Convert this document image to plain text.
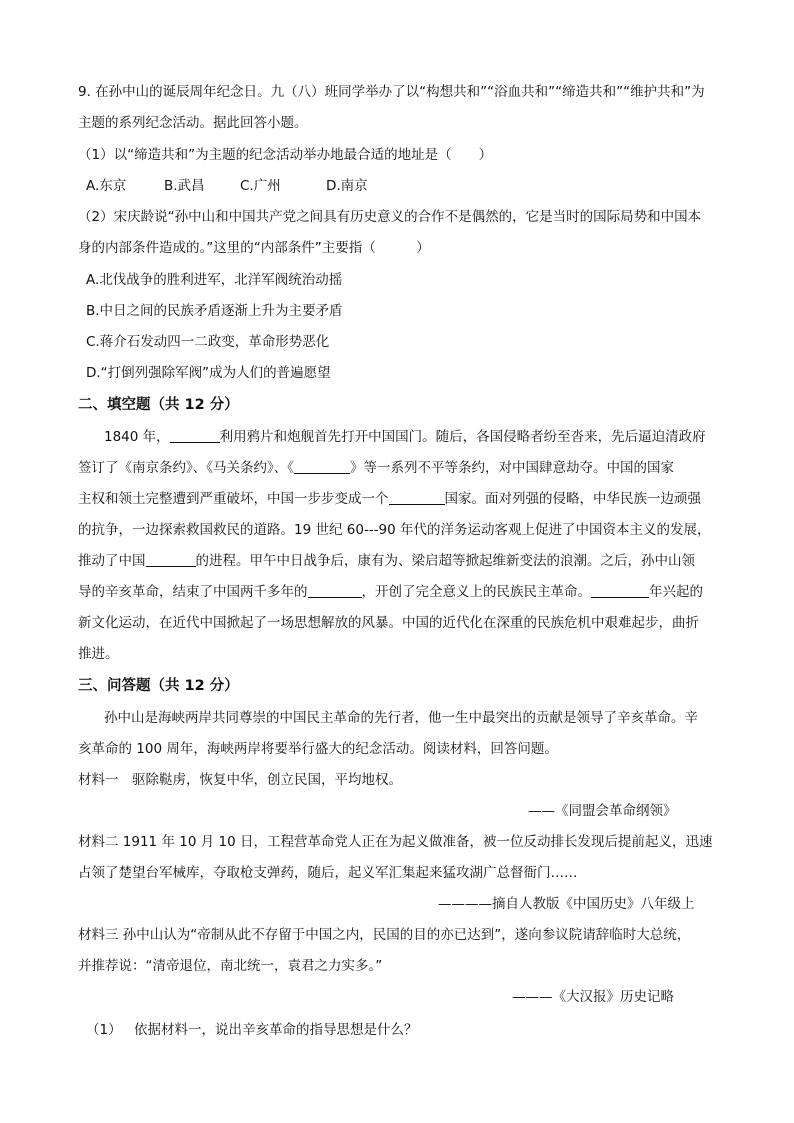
9. 在孙中山的诞辰周年纪念日。九（八）班同学举办了以“构想共和”“浴血共和”“缔造共和”“维护共和”为
主题的系列纪念活动。据此回答小题。
（1）以“缔造共和”为主题的纪念活动举办地最合适的地址是（　　）
A.东京	B.武昌	C.广州	D.南京
（2）宋庆龄说“孙中山和中国共产党之间具有历史意义的合作不是偶然的，它是当时的国际局势和中国本
身的内部条件造成的。”这里的“内部条件”主要指（　　　）
A.北伐战争的胜利进军，北洋军阀统治动摇
B.中日之间的民族矛盾逐渐上升为主要矛盾
C.蒋介石发动四一二政变，革命形势恶化
D.“打倒列强除军阀”成为人们的普遍愿望
二、填空题（共 12 分）
1840 年，	利用鸦片和炮舰首先打开中国国门。随后，各国侵略者纷至沓来，先后逼迫清政府
签订了《南京条约》、《马关条约》、《	》等一系列不平等条约，对中国肆意劫夺。中国的国家
主权和领土完整遭到严重破坏，中国一步步变成一个	国家。面对列强的侵略，中华民族一边顽强
的抗争，一边探索救国救民的道路。19 世纪 60---90 年代的洋务运动客观上促进了中国资本主义的发展，
推动了中国	的进程。甲午中日战争后，康有为、梁启超等掀起维新变法的浪潮。之后，孙中山领
导的辛亥革命，结束了中国两千多年的	，开创了完全意义上的民族民主革命。	年兴起的
新文化运动，在近代中国掀起了一场思想解放的风暴。中国的近代化在深重的民族危机中艰难起步，曲折
推进。
三、问答题（共 12 分）
孙中山是海峡两岸共同尊崇的中国民主革命的先行者，他一生中最突出的贡献是领导了辛亥革命。辛
亥革命的 100 周年，海峡两岸将要举行盛大的纪念活动。阅读材料，回答问题。
材料一　驱除鞑虏，恢复中华，创立民国，平均地权。
——《同盟会革命纲领》
材料二 1911 年 10 月 10 日，工程营革命党人正在为起义做准备，被一位反动排长发现后提前起义，迅速
占领了楚望台军械库，夺取枪支弹药，随后，起义军汇集起来猛攻湖广总督衙门……
————摘自人教版《中国历史》八年级上
材料三 孙中山认为“帝制从此不存留于中国之内，民国的目的亦已达到”，遂向参议院请辞临时大总统，
并推荐说：“清帝退位，南北统一，袁君之力实多。”
———《大汉报》历史记略
（1） 依据材料一，说出辛亥革命的指导思想是什么？
